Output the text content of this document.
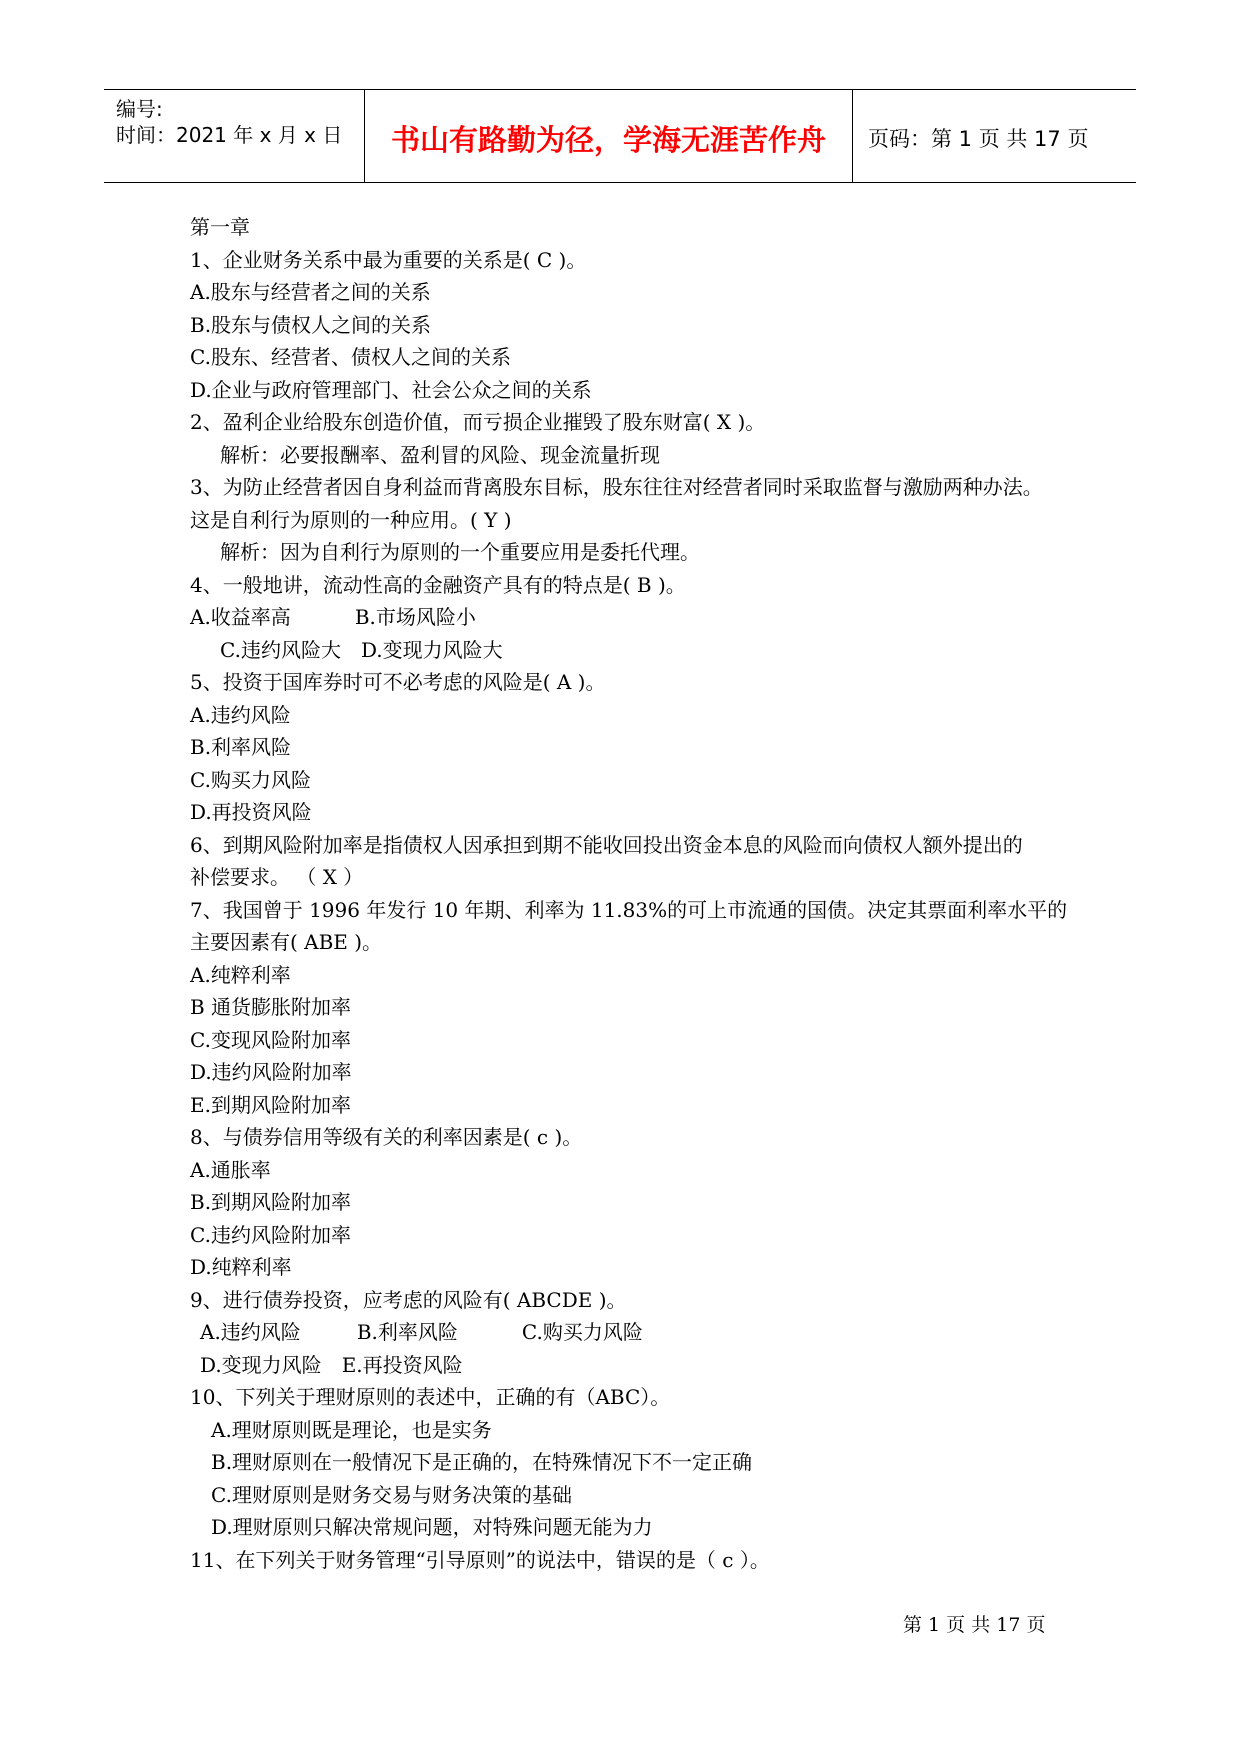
编号:
时间：2021 年 x 月 x 日	书山有路勤为径，学海无涯苦作舟	页码：第 1 页 共 17 页
第一章
1、企业财务关系中最为重要的关系是( C )。
A.股东与经营者之间的关系
B.股东与债权人之间的关系
C.股东、经营者、债权人之间的关系
D.企业与政府管理部门、社会公众之间的关系
2、盈利企业给股东创造价值，而亏损企业摧毁了股东财富( X )。
解析：必要报酬率、盈利冒的风险、现金流量折现
3、为防止经营者因自身利益而背离股东目标，股东往往对经营者同时采取监督与激励两种办法。
这是自利行为原则的一种应用。( Y )
解析：因为自利行为原则的一个重要应用是委托代理。
4、一般地讲，流动性高的金融资产具有的特点是( B )。
A.收益率高	B.市场风险小
C.违约风险大 D.变现力风险大
5、投资于国库券时可不必考虑的风险是( A )。
A.违约风险
B.利率风险
C.购买力风险
D.再投资风险
6、到期风险附加率是指债权人因承担到期不能收回投出资金本息的风险而向债权人额外提出的
补偿要求。 （ X ）
7、我国曾于 1996 年发行 10 年期、利率为 11.83%的可上市流通的国债。决定其票面利率水平的
主要因素有( ABE )。
A.纯粹利率
B 通货膨胀附加率
C.变现风险附加率
D.违约风险附加率
E.到期风险附加率
8、与债券信用等级有关的利率因素是( c )。
A.通胀率
B.到期风险附加率
C.违约风险附加率
D.纯粹利率
9、进行债券投资，应考虑的风险有( ABCDE )。
A.违约风险	B.利率风险	C.购买力风险
D.变现力风险 E.再投资风险
10、下列关于理财原则的表述中，正确的有（ABC）。
A.理财原则既是理论，也是实务
B.理财原则在一般情况下是正确的，在特殊情况下不一定正确
C.理财原则是财务交易与财务决策的基础
D.理财原则只解决常规问题，对特殊问题无能为力
11、在下列关于财务管理“引导原则”的说法中，错误的是（ c ）。
第 1 页 共 17 页
